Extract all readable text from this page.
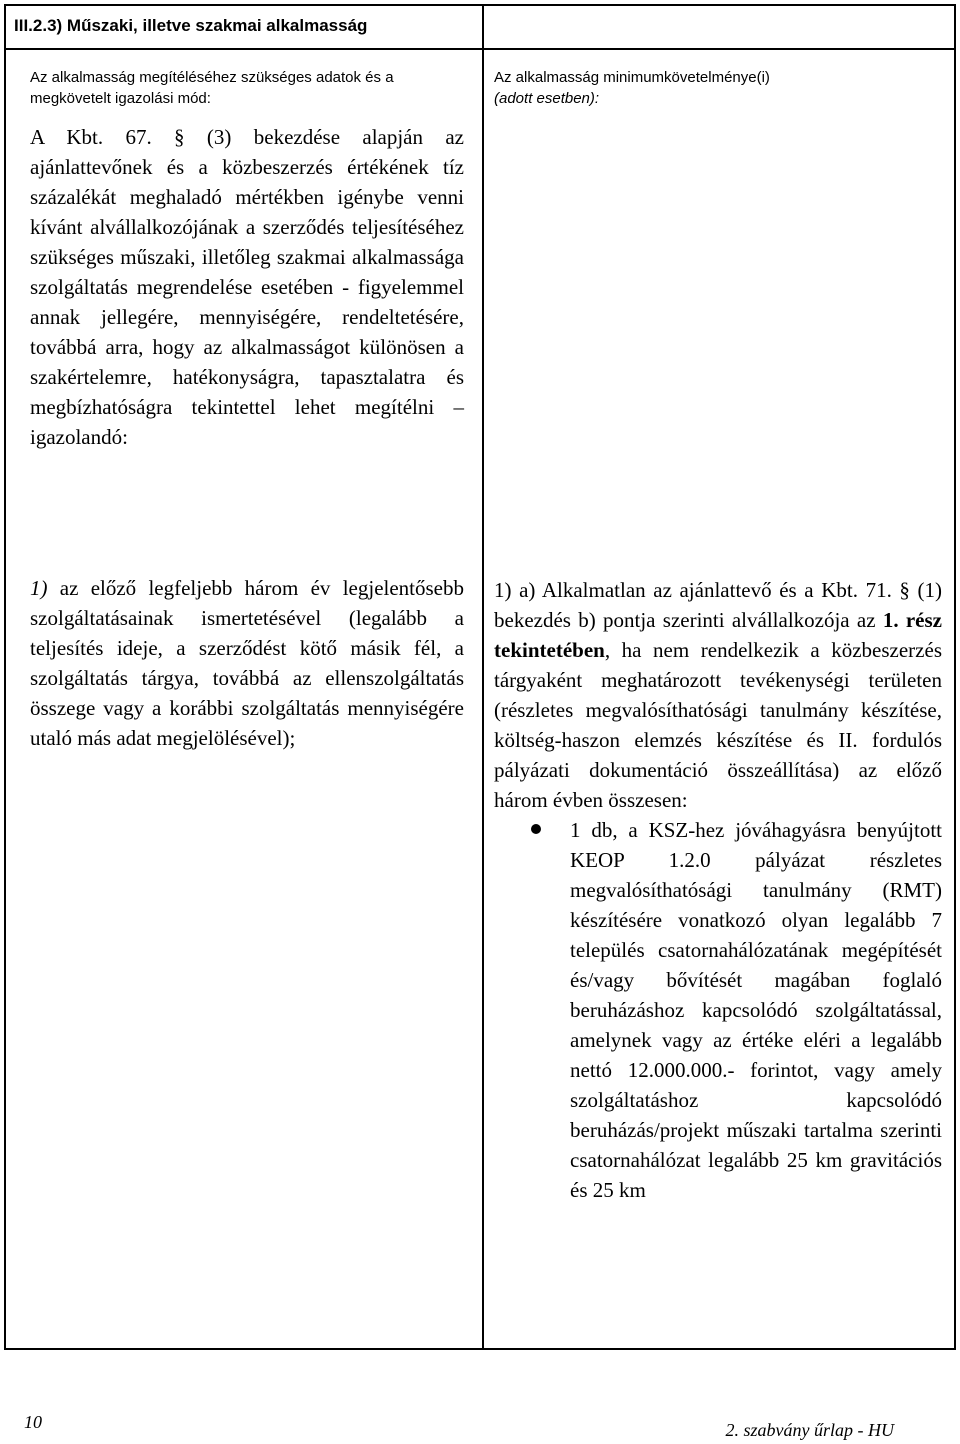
III.2.3) Műszaki, illetve szakmai alkalmasság
Az alkalmasság megítéléséhez szükséges adatok és a
megkövetelt igazolási mód:

A Kbt. 67. § (3) bekezdése alapján az ajánlattevőnek és a közbeszerzés értékének tíz százalékát meghaladó mértékben igénybe venni kívánt alvállalkozójának a szerződés teljesítéséhez szükséges műszaki, illetőleg szakmai alkalmassága szolgáltatás megrendelése esetében - figyelemmel annak jellegére, mennyiségére, rendeltetésére, továbbá arra, hogy az alkalmasságot különösen a szakértelemre, hatékonyságra, tapasztalatra és megbízhatóságra tekintettel lehet megítélni – igazolandó:

1) az előző legfeljebb három év legjelentősebb szolgáltatásainak ismertetésével (legalább a teljesítés ideje, a szerződést kötő másik fél, a szolgáltatás tárgya, továbbá az ellenszolgáltatás összege vagy a korábbi szolgáltatás mennyiségére utaló más adat megjelölésével);

Az alkalmasság minimumkövetelménye(i)
(adott esetben):

1) a) Alkalmatlan az ajánlattevő és a Kbt. 71. § (1) bekezdés b) pontja szerinti alvállalkozója az 1. rész tekintetében, ha nem rendelkezik a közbeszerzés tárgyaként meghatározott tevékenységi területen (részletes megvalósíthatósági tanulmány készítése, költség-haszon elemzés készítése és II. fordulós pályázati dokumentáció összeállítása) az előző három évben összesen:

1 db, a KSZ-hez jóváhagyásra benyújtott KEOP 1.2.0 pályázat részletes megvalósíthatósági tanulmány (RMT) készítésére vonatkozó olyan legalább 7 település csatornahálózatának megépítését és/vagy bővítését magában foglaló beruházáshoz kapcsolódó szolgáltatással, amelynek vagy az értéke eléri a legalább nettó 12.000.000.- forintot, vagy amely szolgáltatáshoz kapcsolódó beruházás/projekt műszaki tartalma szerinti csatornahálózat legalább 25 km gravitációs és 25 km
10	2. szabvány űrlap - HU
